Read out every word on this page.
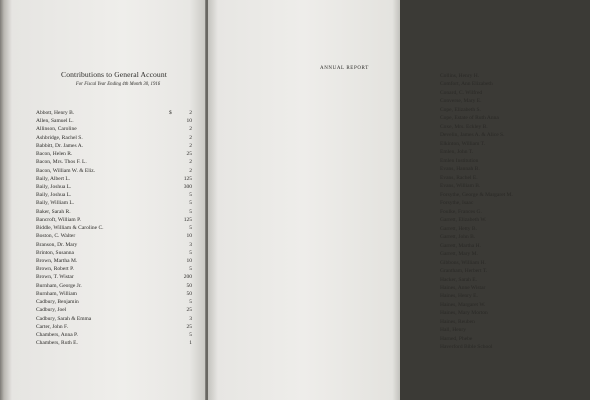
Contributions to General Account
For Fiscal Year Ending 4th Month 30, 1916
Abbott, Henry B.	$	2
Allen, Samuel L.	10
Allinson, Caroline	2
Ashbridge, Rachel S.	2
Babbitt, Dr. James A.	2
Bacon, Helen R.	25
Bacon, Mrs. Thos F. L.	2
Bacon, William W. & Eliz.	2
Baily, Albert L.	125
Baily, Joshua L.	300
Baily, Joshua L.	5
Baily, William L.	5
Baker, Sarah R.	5
Bancroft, William P.	125
Biddle, William & Caroline C.	5
Boston, C. Walter	10
Branson, Dr. Mary	3
Brinton, Susanna	5
Brown, Martha M.	10
Brown, Robert P.	5
Brown, T. Wistar	200
Burnham, George Jr.	50
Burnham, William	50
Cadbury, Benjamin	5
Cadbury, Joel	25
Cadbury, Sarah & Emma	3
Carter, John F.	25
Chambers, Anna P.	5
Chambers, Ruth E.	1
ANNUAL REPORT
Collins, Henry H.
Comfort, Ann Elizabeth
Conard, C. Wilfred
Converse, Mary E.
Cope, Elizabeth S.
Cope, Estate of Ruth Anna
Coxe, Mrs. Eckley B.
Develin, James A. & Alice S.
Elkinton, William T.
Emlen, John T.
Emlen Institution
Evans, Hannah B.
Evans, Rachel E.
Evans, William B.
Forsythe, George & Margaret M.
Forsythe, Isaac
Foulke, Frances G.
Garrett, Elizabeth W.
Garrett, Hetty B.
Garrett, John B.
Garrett, Martha H.
Garrett, Mary M.
Gibbons, William H.
Grantham, Herbert T.
Hacker, Sarah E.
Haines, Anne Wistar
Haines, Henry E.
Haines, Margaret W.
Haines, Mary Morton
Haines, Reuben
Hall, Henry
Harned, Phebe
Haverford Bible School
